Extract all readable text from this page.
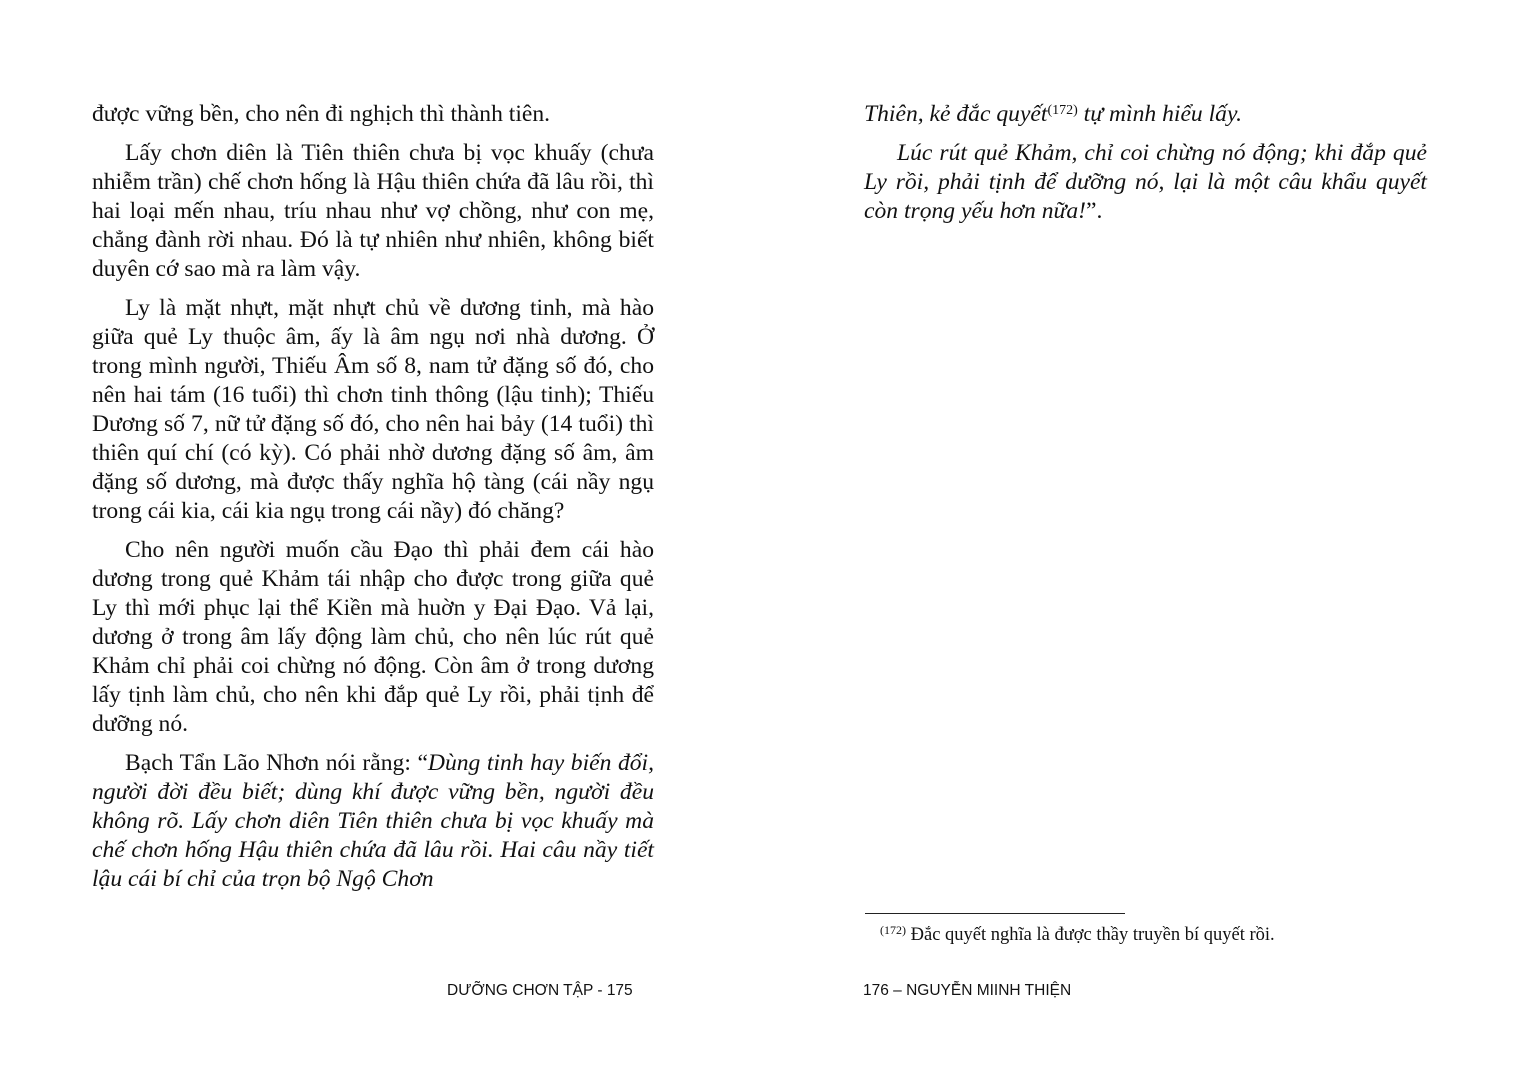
được vững bền, cho nên đi nghịch thì thành tiên.

Lấy chơn diên là Tiên thiên chưa bị vọc khuấy (chưa nhiễm trần) chế chơn hống là Hậu thiên chứa đã lâu rồi, thì hai loại mến nhau, tríu nhau như vợ chồng, như con mẹ, chẳng đành rời nhau. Đó là tự nhiên như nhiên, không biết duyên cớ sao mà ra làm vậy.

Ly là mặt nhựt, mặt nhựt chủ về dương tinh, mà hào giữa quẻ Ly thuộc âm, ấy là âm ngụ nơi nhà dương. Ở trong mình người, Thiếu Âm số 8, nam tử đặng số đó, cho nên hai tám (16 tuổi) thì chơn tinh thông (lậu tinh); Thiếu Dương số 7, nữ tử đặng số đó, cho nên hai bảy (14 tuổi) thì thiên quí chí (có kỳ). Có phải nhờ dương đặng số âm, âm đặng số dương, mà được thấy nghĩa hộ tàng (cái nầy ngụ trong cái kia, cái kia ngụ trong cái nầy) đó chăng?

Cho nên người muốn cầu Đạo thì phải đem cái hào dương trong quẻ Khảm tái nhập cho được trong giữa quẻ Ly thì mới phục lại thể Kiền mà huờn y Đại Đạo. Vả lại, dương ở trong âm lấy động làm chủ, cho nên lúc rút quẻ Khảm chỉ phải coi chừng nó động. Còn âm ở trong dương lấy tịnh làm chủ, cho nên khi đắp quẻ Ly rồi, phải tịnh để dưỡng nó.

Bạch Tẩn Lão Nhơn nói rằng: “Dùng tinh hay biến đổi, người đời đều biết; dùng khí được vững bền, người đều không rõ. Lấy chơn diên Tiên thiên chưa bị vọc khuấy mà chế chơn hống Hậu thiên chứa đã lâu rồi. Hai câu nầy tiết lậu cái bí chỉ của trọn bộ Ngộ Chơn

DƯỠNG CHƠN TẬP - 175

Thiên, kẻ đắc quyết$^{(172)}$ tự mình hiểu lấy.

Lúc rút quẻ Khảm, chỉ coi chừng nó động; khi đắp quẻ Ly rồi, phải tịnh để dưỡng nó, lại là một câu khẩu quyết còn trọng yếu hơn nữa!”.

$^{(172)}$ Đắc quyết nghĩa là được thầy truyền bí quyết rồi.
176 – NGUYỄN MIINH THIỆN
